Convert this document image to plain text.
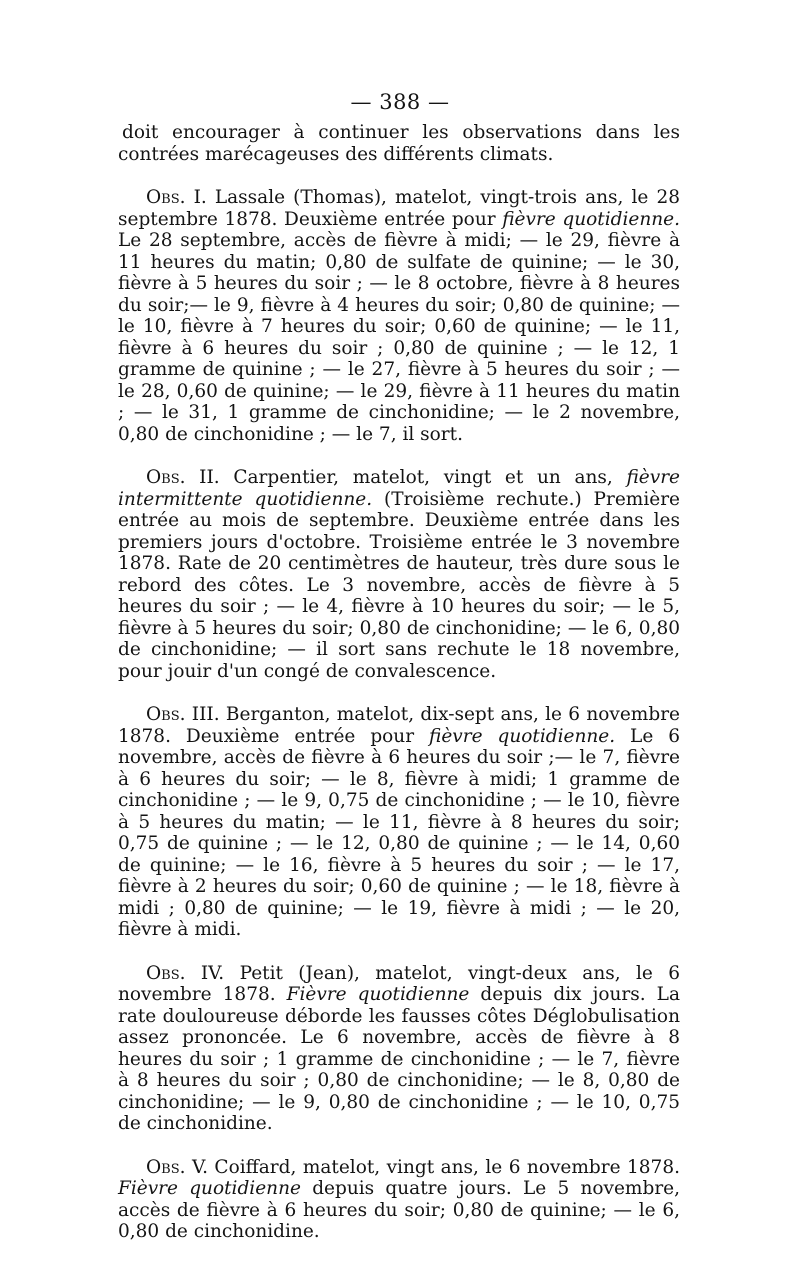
— 388 —

doit encourager à continuer les observations dans les contrées marécageuses des différents climats.

Obs. I. Lassale (Thomas), matelot, vingt-trois ans, le 28 septembre 1878. Deuxième entrée pour fièvre quotidienne. Le 28 septembre, accès de fièvre à midi; — le 29, fièvre à 11 heures du matin; 0,80 de sulfate de quinine; — le 30, fièvre à 5 heures du soir ; — le 8 octobre, fièvre à 8 heures du soir;— le 9, fièvre à 4 heures du soir; 0,80 de quinine; — le 10, fièvre à 7 heures du soir; 0,60 de quinine; — le 11, fièvre à 6 heures du soir ; 0,80 de quinine ; — le 12, 1 gramme de quinine ; — le 27, fièvre à 5 heures du soir ; — le 28, 0,60 de quinine; — le 29, fièvre à 11 heures du matin ; — le 31, 1 gramme de cinchonidine; — le 2 novembre, 0,80 de cinchonidine ; — le 7, il sort.

Obs. II. Carpentier, matelot, vingt et un ans, fièvre intermittente quotidienne. (Troisième rechute.) Première entrée au mois de septembre. Deuxième entrée dans les premiers jours d'octobre. Troisième entrée le 3 novembre 1878. Rate de 20 centimètres de hauteur, très dure sous le rebord des côtes. Le 3 novembre, accès de fièvre à 5 heures du soir ; — le 4, fièvre à 10 heures du soir; — le 5, fièvre à 5 heures du soir; 0,80 de cinchonidine; — le 6, 0,80 de cinchonidine; — il sort sans rechute le 18 novembre, pour jouir d'un congé de convalescence.

Obs. III. Berganton, matelot, dix-sept ans, le 6 novembre 1878. Deuxième entrée pour fièvre quotidienne. Le 6 novembre, accès de fièvre à 6 heures du soir ;— le 7, fièvre à 6 heures du soir; — le 8, fièvre à midi; 1 gramme de cinchonidine ; — le 9, 0,75 de cinchonidine ; — le 10, fièvre à 5 heures du matin; — le 11, fièvre à 8 heures du soir; 0,75 de quinine ; — le 12, 0,80 de quinine ; — le 14, 0,60 de quinine; — le 16, fièvre à 5 heures du soir ; — le 17, fièvre à 2 heures du soir; 0,60 de quinine ; — le 18, fièvre à midi ; 0,80 de quinine; — le 19, fièvre à midi ; — le 20, fièvre à midi.

Obs. IV. Petit (Jean), matelot, vingt-deux ans, le 6 novembre 1878. Fièvre quotidienne depuis dix jours. La rate douloureuse déborde les fausses côtes Déglobulisation assez prononcée. Le 6 novembre, accès de fièvre à 8 heures du soir ; 1 gramme de cinchonidine ; — le 7, fièvre à 8 heures du soir ; 0,80 de cinchonidine; — le 8, 0,80 de cinchonidine; — le 9, 0,80 de cinchonidine ; — le 10, 0,75 de cinchonidine.

Obs. V. Coiffard, matelot, vingt ans, le 6 novembre 1878. Fièvre quotidienne depuis quatre jours. Le 5 novembre, accès de fièvre à 6 heures du soir; 0,80 de quinine; — le 6, 0,80 de cinchonidine.
